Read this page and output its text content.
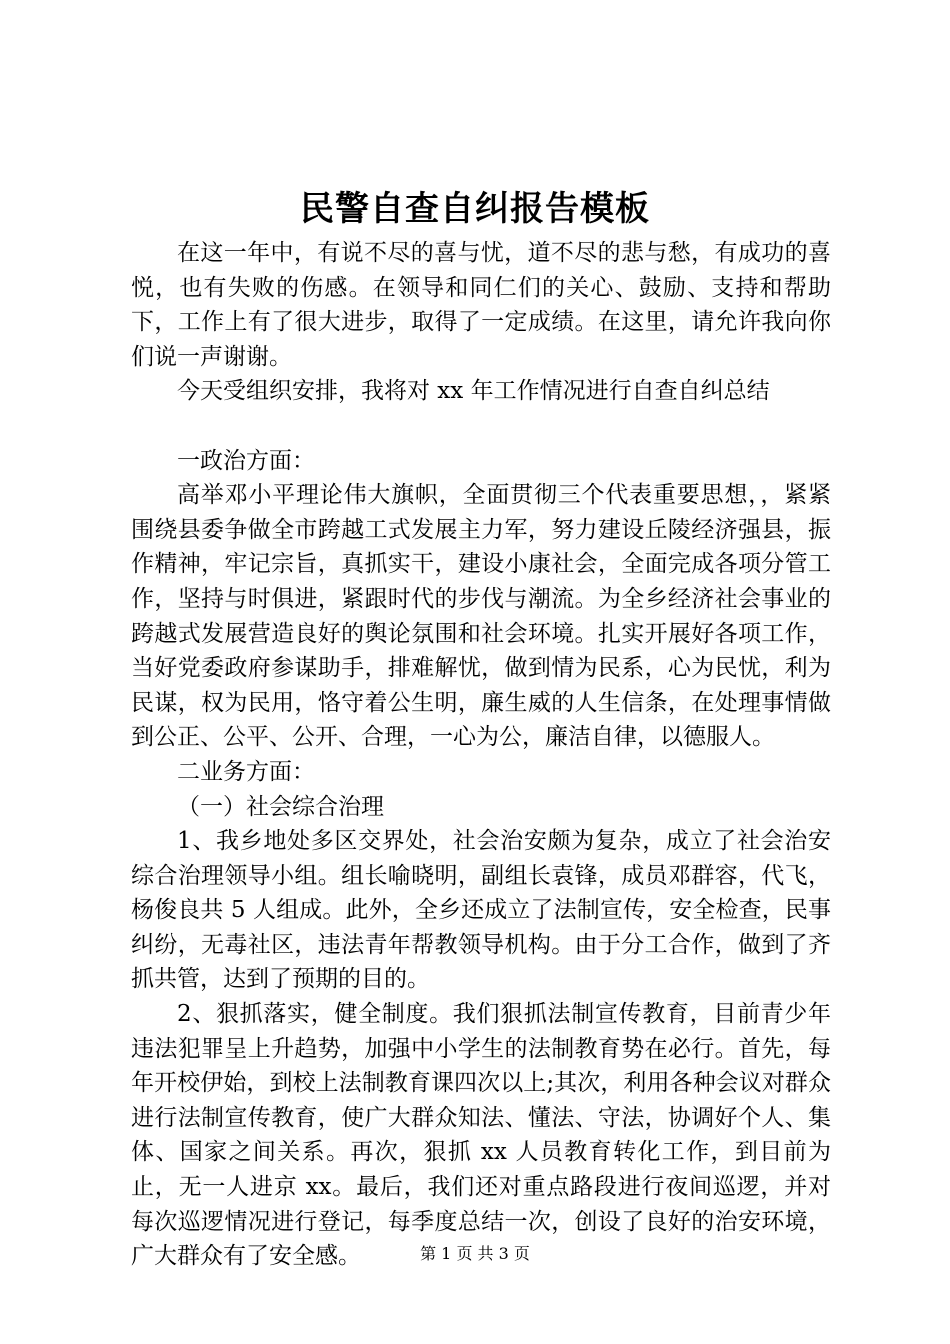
民警自查自纠报告模板

在这一年中，有说不尽的喜与忧，道不尽的悲与愁，有成功的喜悦，也有失败的伤感。在领导和同仁们的关心、鼓励、支持和帮助下，工作上有了很大进步，取得了一定成绩。在这里，请允许我向你们说一声谢谢。

今天受组织安排，我将对 xx 年工作情况进行自查自纠总结

一政治方面：

高举邓小平理论伟大旗帜，全面贯彻三个代表重要思想，，紧紧围绕县委争做全市跨越工式发展主力军，努力建设丘陵经济强县，振作精神，牢记宗旨，真抓实干，建设小康社会，全面完成各项分管工作，坚持与时俱进，紧跟时代的步伐与潮流。为全乡经济社会事业的跨越式发展营造良好的舆论氛围和社会环境。扎实开展好各项工作，当好党委政府参谋助手，排难解忧，做到情为民系，心为民忧，利为民谋，权为民用，恪守着公生明，廉生威的人生信条，在处理事情做到公正、公平、公开、合理，一心为公，廉洁自律，以德服人。

二业务方面：

（一）社会综合治理

1、我乡地处多区交界处，社会治安颇为复杂，成立了社会治安综合治理领导小组。组长喻晓明，副组长袁锋，成员邓群容，代飞，杨俊良共 5 人组成。此外，全乡还成立了法制宣传，安全检查，民事纠纷，无毒社区，违法青年帮教领导机构。由于分工合作，做到了齐抓共管，达到了预期的目的。

2、狠抓落实，健全制度。我们狠抓法制宣传教育，目前青少年违法犯罪呈上升趋势，加强中小学生的法制教育势在必行。首先，每年开校伊始，到校上法制教育课四次以上;其次，利用各种会议对群众进行法制宣传教育，使广大群众知法、懂法、守法，协调好个人、集体、国家之间关系。再次，狠抓 xx 人员教育转化工作，到目前为止，无一人进京 xx。最后，我们还对重点路段进行夜间巡逻，并对每次巡逻情况进行登记，每季度总结一次，创设了良好的治安环境，广大群众有了安全感。	第 1 页 共 3 页
